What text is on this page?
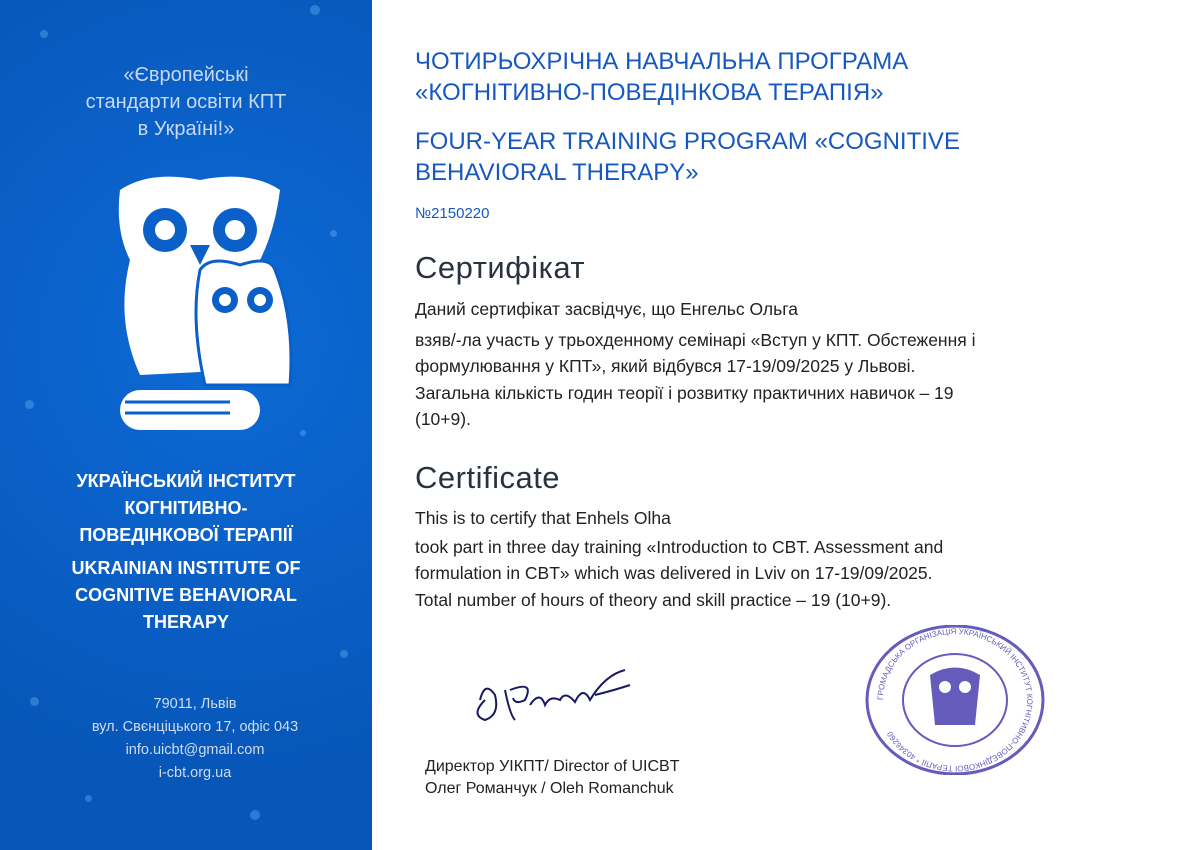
«Європейські
стандарти освіти КПТ
в Україні!»
УКРАЇНСЬКИЙ ІНСТИТУТ
КОГНІТИВНО-
ПОВЕДІНКОВОЇ ТЕРАПІЇ
UKRAINIAN INSTITUTE OF
COGNITIVE BEHAVIORAL
THERAPY
79011, Львів
вул. Свєнціцького 17, офіс 043
info.uicbt@gmail.com
i-cbt.org.ua
ЧОТИРЬОХРІЧНА НАВЧАЛЬНА ПРОГРАМА
«КОГНІТИВНО-ПОВЕДІНКОВА ТЕРАПІЯ»
FOUR-YEAR TRAINING PROGRAM «COGNITIVE
BEHAVIORAL THERAPY»
№2150220
Сертифікат
Даний сертифікат засвідчує, що Енгельс Ольга
взяв/-ла участь у трьохденному семінарі «Вступ у КПТ. Обстеження і
формулювання у КПТ», який відбувся 17-19/09/2025 у Львові.
Загальна кількість годин теорії і розвитку практичних навичок – 19
(10+9).
Certificate
This is to certify that Enhels Olha
took part in three day training «Introduction to CBT. Assessment and
formulation in CBT» which was delivered in Lviv on 17-19/09/2025.
Total number of hours of theory and skill practice – 19 (10+9).
ГРОМАДСЬКА ОРГАНІЗАЦІЯ УКРАЇНСЬКИЙ ІНСТИТУТ КОГНІТИВНО-ПОВЕДІНКОВОЇ ТЕРАПІЇ * 40346260
Директор УІКПТ/ Director of UICBT
Олег Романчук / Oleh Romanchuk
